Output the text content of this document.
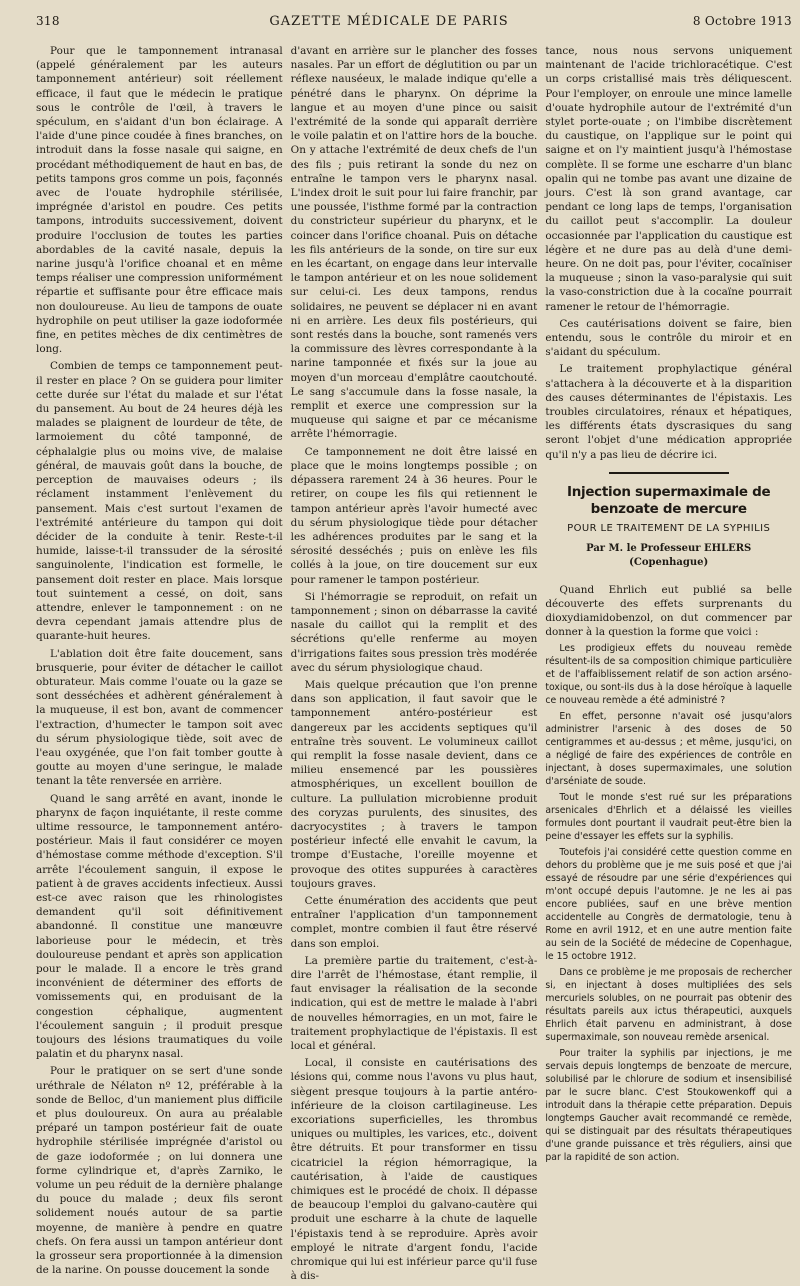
318	GAZETTE MÉDICALE DE PARIS	8 Octobre 1913

Pour que le tamponnement intranasal (appelé généralement par les auteurs tamponnement antérieur) soit réellement efficace, il faut que le médecin le pratique sous le contrôle de l'œil, à travers le spéculum, en s'aidant d'un bon éclairage. A l'aide d'une pince coudée à fines branches, on introduit dans la fosse nasale qui saigne, en procédant méthodiquement de haut en bas, de petits tampons gros comme un pois, façonnés avec de l'ouate hydrophile stérilisée, imprégnée d'aristol en poudre. Ces petits tampons, introduits successivement, doivent produire l'occlusion de toutes les parties abordables de la cavité nasale, depuis la narine jusqu'à l'orifice choanal et en même temps réaliser une compression uniformément répartie et suffisante pour être efficace mais non douloureuse. Au lieu de tampons de ouate hydrophile on peut utiliser la gaze iodoformée fine, en petites mèches de dix centimètres de long.

Combien de temps ce tamponnement peut-il rester en place ? On se guidera pour limiter cette durée sur l'état du malade et sur l'état du pansement. Au bout de 24 heures déjà les malades se plaignent de lourdeur de tête, de larmoiement du côté tamponné, de céphalalgie plus ou moins vive, de malaise général, de mauvais goût dans la bouche, de perception de mauvaises odeurs ; ils réclament instamment l'enlèvement du pansement. Mais c'est surtout l'examen de l'extrémité antérieure du tampon qui doit décider de la conduite à tenir. Reste-t-il humide, laisse-t-il transsuder de la sérosité sanguinolente, l'indication est formelle, le pansement doit rester en place. Mais lorsque tout suintement a cessé, on doit, sans attendre, enlever le tamponnement : on ne devra cependant jamais attendre plus de quarante-huit heures.

L'ablation doit être faite doucement, sans brusquerie, pour éviter de détacher le caillot obturateur. Mais comme l'ouate ou la gaze se sont desséchées et adhèrent généralement à la muqueuse, il est bon, avant de commencer l'extraction, d'humecter le tampon soit avec du sérum physiologique tiède, soit avec de l'eau oxygénée, que l'on fait tomber goutte à goutte au moyen d'une seringue, le malade tenant la tête renversée en arrière.

Quand le sang arrêté en avant, inonde le pharynx de façon inquiétante, il reste comme ultime ressource, le tamponnement antéro-postérieur. Mais il faut considérer ce moyen d'hémostase comme méthode d'exception. S'il arrête l'écoulement sanguin, il expose le patient à de graves accidents infectieux. Aussi est-ce avec raison que les rhinologistes demandent qu'il soit définitivement abandonné. Il constitue une manœuvre laborieuse pour le médecin, et très douloureuse pendant et après son application pour le malade. Il a encore le très grand inconvénient de déterminer des efforts de vomissements qui, en produisant de la congestion céphalique, augmentent l'écoulement sanguin ; il produit presque toujours des lésions traumatiques du voile palatin et du pharynx nasal.

Pour le pratiquer on se sert d'une sonde uréthrale de Nélaton nº 12, préférable à la sonde de Belloc, d'un maniement plus difficile et plus douloureux. On aura au préalable préparé un tampon postérieur fait de ouate hydrophile stérilisée imprégnée d'aristol ou de gaze iodoformée ; on lui donnera une forme cylindrique et, d'après Zarniko, le volume un peu réduit de la dernière phalange du pouce du malade ; deux fils seront solidement noués autour de sa partie moyenne, de manière à pendre en quatre chefs. On fera aussi un tampon antérieur dont la grosseur sera proportionnée à la dimension de la narine. On pousse doucement la sonde

d'avant en arrière sur le plancher des fosses nasales. Par un effort de déglutition ou par un réflexe nauséeux, le malade indique qu'elle a pénétré dans le pharynx. On déprime la langue et au moyen d'une pince ou saisit l'extrémité de la sonde qui apparaît derrière le voile palatin et on l'attire hors de la bouche. On y attache l'extrémité de deux chefs de l'un des fils ; puis retirant la sonde du nez on entraîne le tampon vers le pharynx nasal. L'index droit le suit pour lui faire franchir, par une poussée, l'isthme formé par la contraction du constricteur supérieur du pharynx, et le coincer dans l'orifice choanal. Puis on détache les fils antérieurs de la sonde, on tire sur eux en les écartant, on engage dans leur intervalle le tampon antérieur et on les noue solidement sur celui-ci. Les deux tampons, rendus solidaires, ne peuvent se déplacer ni en avant ni en arrière. Les deux fils postérieurs, qui sont restés dans la bouche, sont ramenés vers la commissure des lèvres correspondante à la narine tamponnée et fixés sur la joue au moyen d'un morceau d'emplâtre caoutchouté. Le sang s'accumule dans la fosse nasale, la remplit et exerce une compression sur la muqueuse qui saigne et par ce mécanisme arrête l'hémorragie.

Ce tamponnement ne doit être laissé en place que le moins longtemps possible ; on dépassera rarement 24 à 36 heures. Pour le retirer, on coupe les fils qui retiennent le tampon antérieur après l'avoir humecté avec du sérum physiologique tiède pour détacher les adhérences produites par le sang et la sérosité desséchés ; puis on enlève les fils collés à la joue, on tire doucement sur eux pour ramener le tampon postérieur.

Si l'hémorragie se reproduit, on refait un tamponnement ; sinon on débarrasse la cavité nasale du caillot qui la remplit et des sécrétions qu'elle renferme au moyen d'irrigations faites sous pression très modérée avec du sérum physiologique chaud.

Mais quelque précaution que l'on prenne dans son application, il faut savoir que le tamponnement antéro-postérieur est dangereux par les accidents septiques qu'il entraîne très souvent. Le volumineux caillot qui remplit la fosse nasale devient, dans ce milieu ensemencé par les poussières atmosphériques, un excellent bouillon de culture. La pullulation microbienne produit des coryzas purulents, des sinusites, des dacryocystites ; à travers le tampon postérieur infecté elle envahit le cavum, la trompe d'Eustache, l'oreille moyenne et provoque des otites suppurées à caractères toujours graves.

Cette énumération des accidents que peut entraîner l'application d'un tamponnement complet, montre combien il faut être réservé dans son emploi.

La première partie du traitement, c'est-à-dire l'arrêt de l'hémostase, étant remplie, il faut envisager la réalisation de la seconde indication, qui est de mettre le malade à l'abri de nouvelles hémorragies, en un mot, faire le traitement prophylactique de l'épistaxis. Il est local et général.

Local, il consiste en cautérisations des lésions qui, comme nous l'avons vu plus haut, siègent presque toujours à la partie antéro-inférieure de la cloison cartilagineuse. Les excoriations superficielles, les thrombus uniques ou multiples, les varices, etc., doivent être détruits. Et pour transformer en tissu cicatriciel la région hémorragique, la cautérisation, à l'aide de caustiques chimiques est le procédé de choix. Il dépasse de beaucoup l'emploi du galvano-cautère qui produit une escharre à la chute de laquelle l'épistaxis tend à se reproduire. Après avoir employé le nitrate d'argent fondu, l'acide chromique qui lui est inférieur parce qu'il fuse à dis-

tance, nous nous servons uniquement maintenant de l'acide trichloracétique. C'est un corps cristallisé mais très déliquescent. Pour l'employer, on enroule une mince lamelle d'ouate hydrophile autour de l'extrémité d'un stylet porte-ouate ; on l'imbibe discrètement du caustique, on l'applique sur le point qui saigne et on l'y maintient jusqu'à l'hémostase complète. Il se forme une escharre d'un blanc opalin qui ne tombe pas avant une dizaine de jours. C'est là son grand avantage, car pendant ce long laps de temps, l'organisation du caillot peut s'accomplir. La douleur occasionnée par l'application du caustique est légère et ne dure pas au delà d'une demi-heure. On ne doit pas, pour l'éviter, cocaïniser la muqueuse ; sinon la vaso-paralysie qui suit la vaso-constriction due à la cocaïne pourrait ramener le retour de l'hémorragie.

Ces cautérisations doivent se faire, bien entendu, sous le contrôle du miroir et en s'aidant du spéculum.

Le traitement prophylactique général s'attachera à la découverte et à la disparition des causes déterminantes de l'épistaxis. Les troubles circulatoires, rénaux et hépatiques, les différents états dyscrasiques du sang seront l'objet d'une médication appropriée qu'il n'y a pas lieu de décrire ici.

Injection supermaximale de benzoate de mercure
POUR LE TRAITEMENT DE LA SYPHILIS
Par M. le Professeur EHLERS (Copenhague)

Quand Ehrlich eut publié sa belle découverte des effets surprenants du dioxydiamidobenzol, on dut commencer par donner à la question la forme que voici :

Les prodigieux effets du nouveau remède résultent-ils de sa composition chimique particulière et de l'affaiblissement relatif de son action arséno-toxique, ou sont-ils dus à la dose héroïque à laquelle ce nouveau remède a été administré ?

En effet, personne n'avait osé jusqu'alors administrer l'arsenic à des doses de 50 centigrammes et au-dessus ; et même, jusqu'ici, on a négligé de faire des expériences de contrôle en injectant, à doses supermaximales, une solution d'arséniate de soude.

Tout le monde s'est rué sur les préparations arsenicales d'Ehrlich et a délaissé les vieilles formules dont pourtant il vaudrait peut-être bien la peine d'essayer les effets sur la syphilis.

Toutefois j'ai considéré cette question comme en dehors du problème que je me suis posé et que j'ai essayé de résoudre par une série d'expériences qui m'ont occupé depuis l'automne. Je ne les ai pas encore publiées, sauf en une brève mention accidentelle au Congrès de dermatologie, tenu à Rome en avril 1912, et en une autre mention faite au sein de la Société de médecine de Copenhague, le 15 octobre 1912.

Dans ce problème je me proposais de rechercher si, en injectant à doses multipliées des sels mercuriels solubles, on ne pourrait pas obtenir des résultats pareils aux ictus thérapeutici, auxquels Ehrlich était parvenu en administrant, à dose supermaximale, son nouveau remède arsenical.

Pour traiter la syphilis par injections, je me servais depuis longtemps de benzoate de mercure, solubilisé par le chlorure de sodium et insensibilisé par le sucre blanc. C'est Stoukowenkoff qui a introduit dans la thérapie cette préparation. Depuis longtemps Gaucher avait recommandé ce remède, qui se distinguait par des résultats thérapeutiques d'une grande puissance et très réguliers, ainsi que par la rapidité de son action.
